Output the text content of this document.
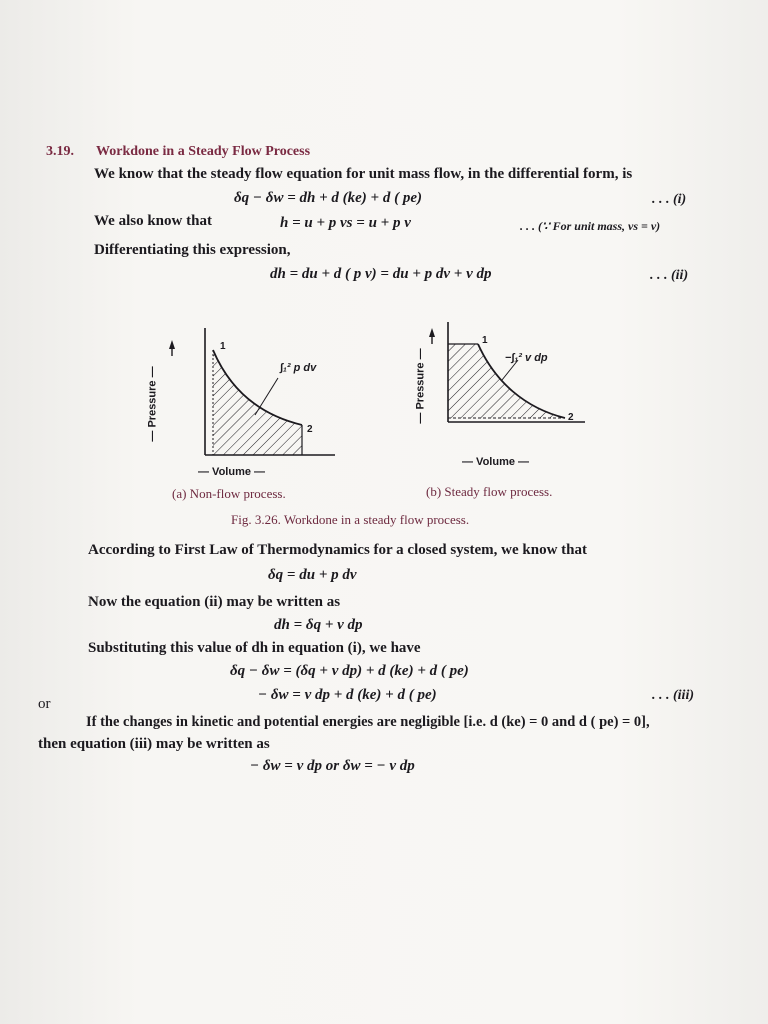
3.19. Workdone in a Steady Flow Process
We know that the steady flow equation for unit mass flow, in the differential form, is
δq − δw = dh + d (ke) + d ( pe)	. . . (i)
We also know that	h = u + p vs = u + p v	. . . (∵ For unit mass, vs = v)
Differentiating this expression,
dh = du + d ( p v) = du + p dv + v dp	. . . (ii)
1
2
∫₁² p dv
— Pressure —
— Volume —
(a) Non-flow process.
1
2
−∫₁² v dp
— Pressure —
— Volume —
(b) Steady flow process.
Fig. 3.26. Workdone in a steady flow process.
According to First Law of Thermodynamics for a closed system, we know that
δq = du + p dv
Now the equation (ii) may be written as
dh = δq + v dp
Substituting this value of dh in equation (i), we have
δq − δw = (δq + v dp) + d (ke) + d ( pe)
or
− δw = v dp + d (ke) + d ( pe)	. . . (iii)
If the changes in kinetic and potential energies are negligible [i.e. d (ke) = 0 and d ( pe) = 0],
then equation (iii) may be written as
− δw = v dp or δw = − v dp
